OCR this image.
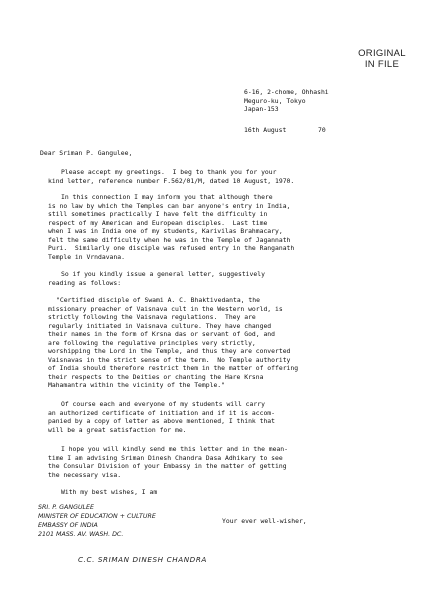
ORIGINAL
IN FILE
6-16, 2-chome, Ohhashi
Meguro-ku, Tokyo
Japan-153
16th August	70
Dear Sriman P. Gangulee,
Please accept my greetings.  I beg to thank you for your
kind letter, reference number F.562/01/M, dated 10 August, 1970.
In this connection I may inform you that although there
is no law by which the Temples can bar anyone's entry in India,
still sometimes practically I have felt the difficulty in
respect of my American and European disciples.  Last time
when I was in India one of my students, Karivilas Brahmacary,
felt the same difficulty when he was in the Temple of Jagannath
Puri.  Similarly one disciple was refused entry in the Ranganath
Temple in Vrndavana.
So if you kindly issue a general letter, suggestively
reading as follows:
"Certified disciple of Swami A. C. Bhaktivedanta, the
missionary preacher of Vaisnava cult in the Western world, is
strictly following the Vaisnava regulations.  They are
regularly initiated in Vaisnava culture. They have changed
their names in the form of Krsna das or servant of God, and
are following the regulative principles very strictly,
worshipping the Lord in the Temple, and thus they are converted
Vaisnavas in the strict sense of the term.  No Temple authority
of India should therefore restrict them in the matter of offering
their respects to the Deities or chanting the Hare Krsna
Mahamantra within the vicinity of the Temple."
Of course each and everyone of my students will carry
an authorized certificate of initiation and if it is accom-
panied by a copy of letter as above mentioned, I think that
will be a great satisfaction for me.
I hope you will kindly send me this letter and in the mean-
time I am advising Sriman Dinesh Chandra Dasa Adhikary to see
the Consular Division of your Embassy in the matter of getting
the necessary visa.
With my best wishes, I am
Your ever well-wisher,
SRI. P. GANGULEE
MINISTER OF EDUCATION + CULTURE
EMBASSY OF INDIA
2101 MASS. AV. WASH. DC.
C.C. SRIMAN DINESH CHANDRA
